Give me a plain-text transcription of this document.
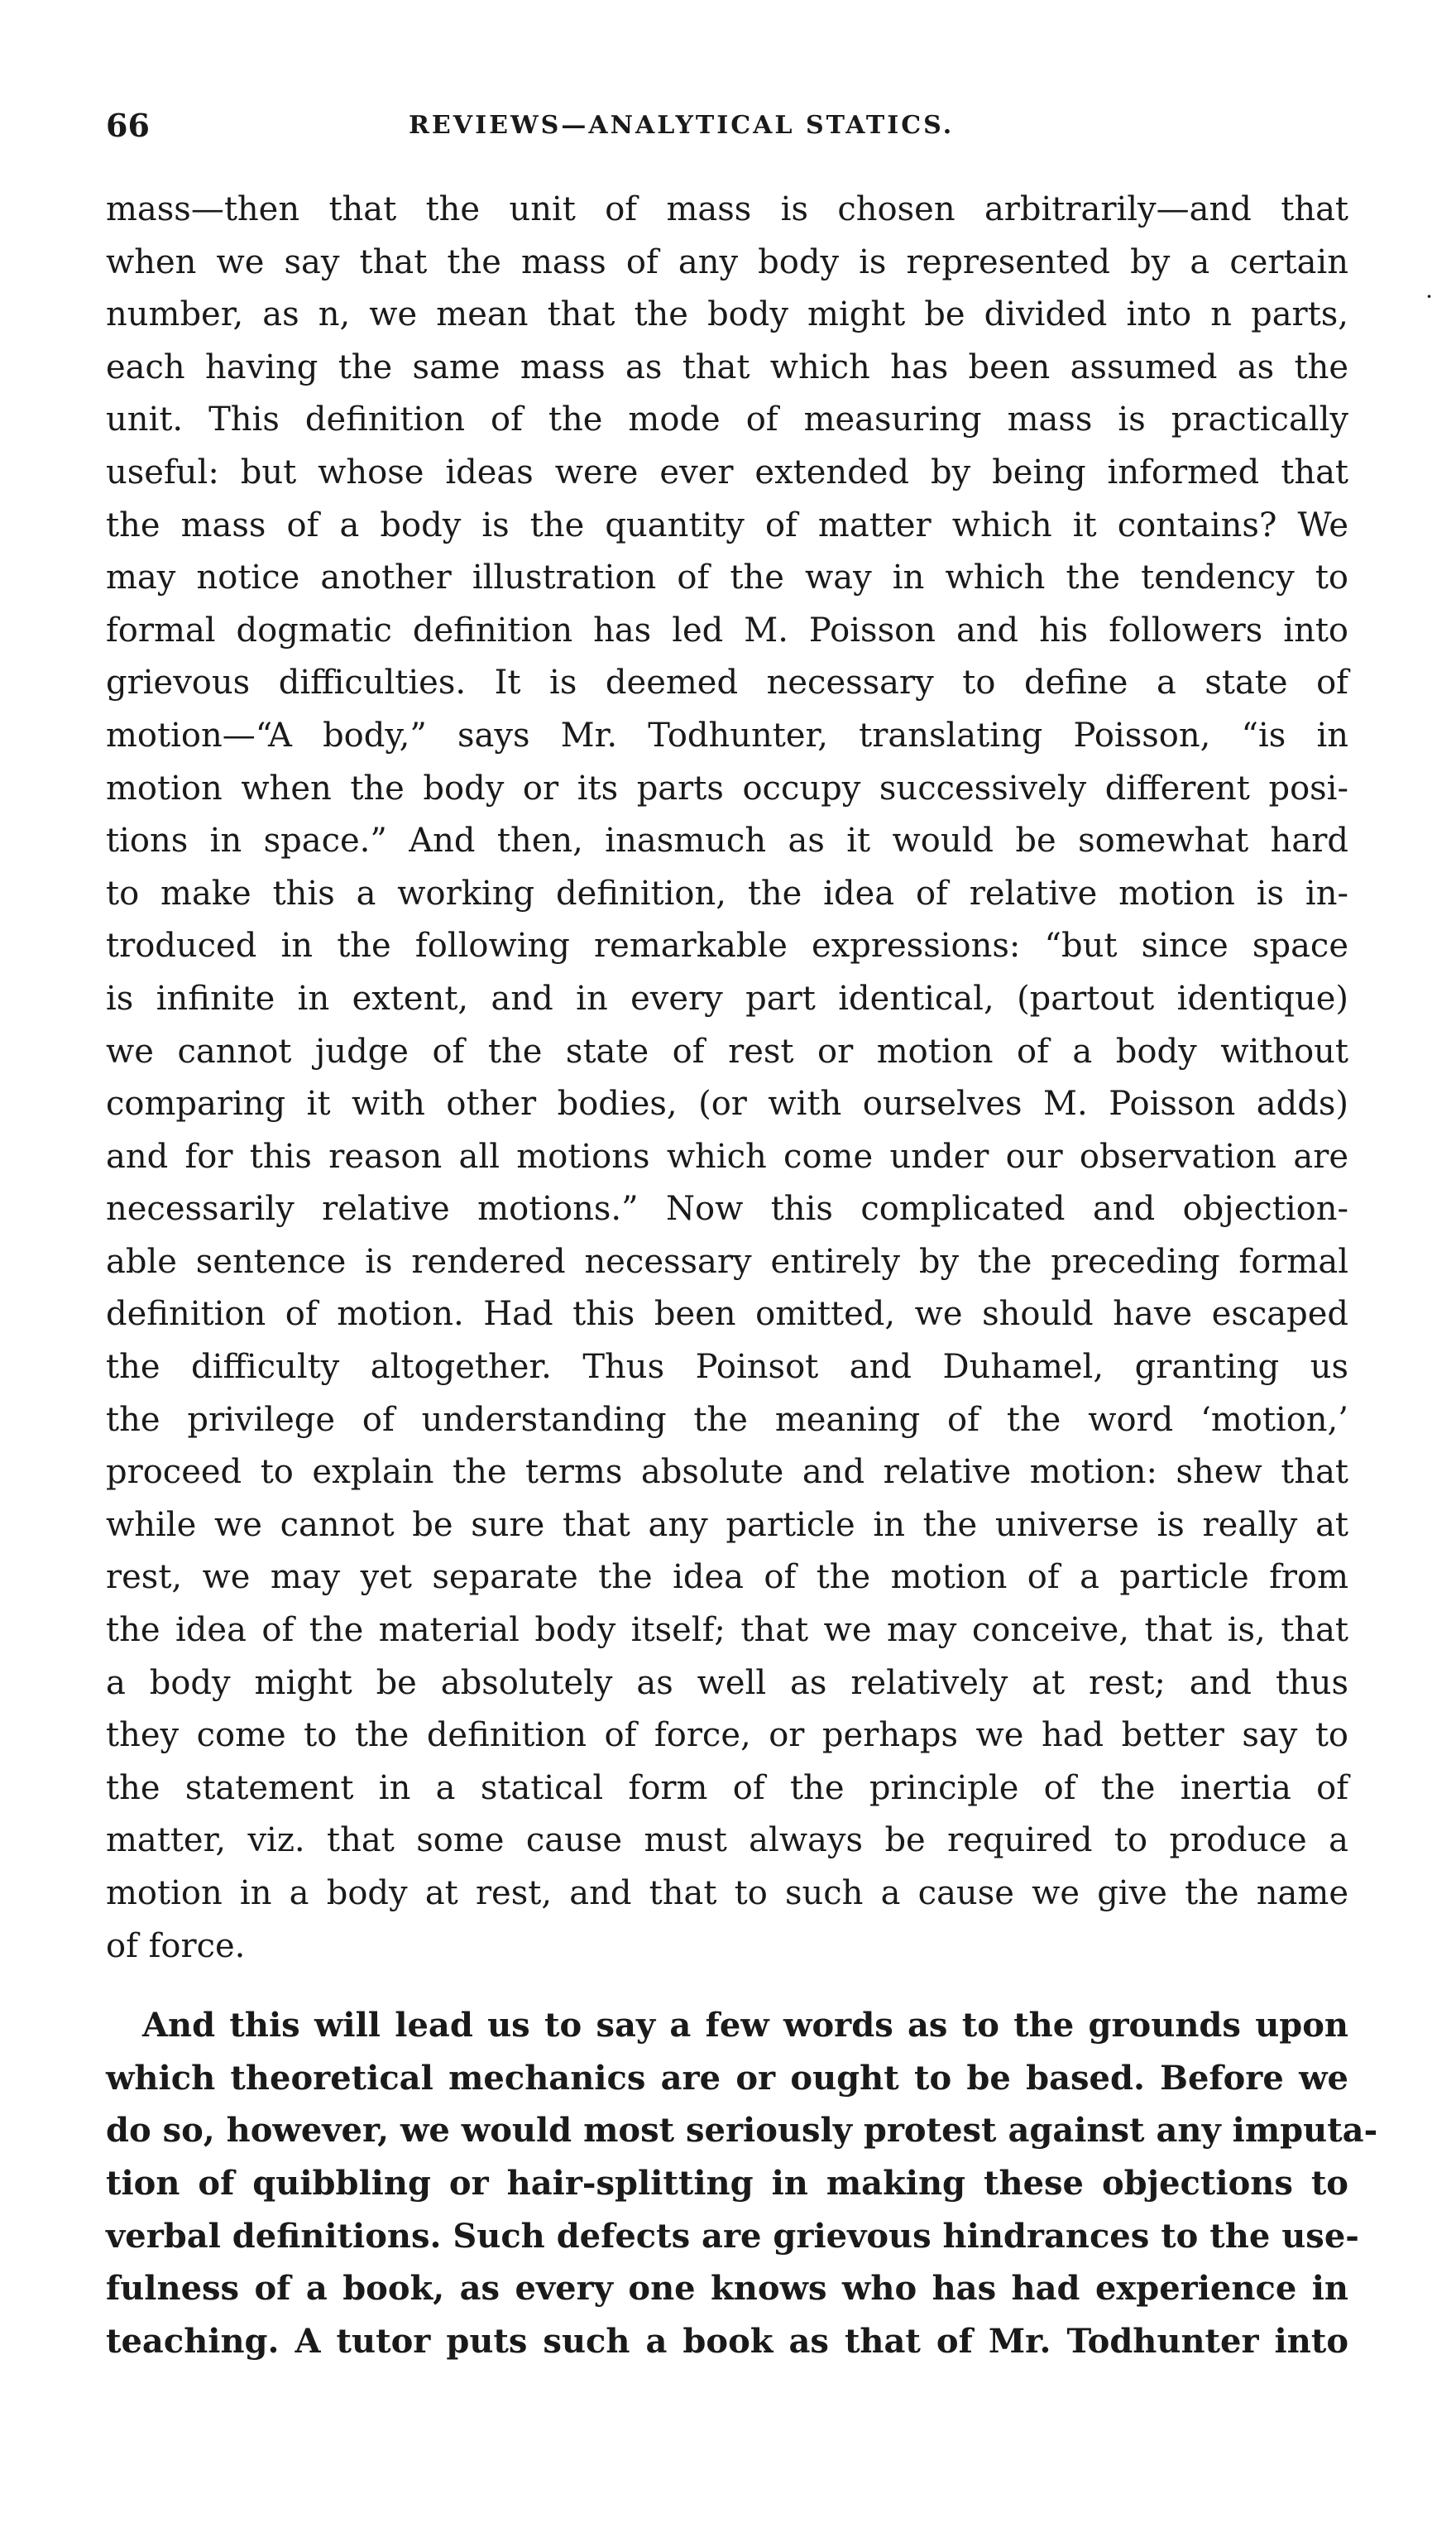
66	REVIEWS—ANALYTICAL STATICS.
·

mass—then that the unit of mass is chosen arbitrarily—and that

when we say that the mass of any body is represented by a certain

number, as n, we mean that the body might be divided into n parts,

each having the same mass as that which has been assumed as the

unit. This definition of the mode of measuring mass is practically

useful: but whose ideas were ever extended by being informed that

the mass of a body is the quantity of matter which it contains? We

may notice another illustration of the way in which the tendency to

formal dogmatic definition has led M. Poisson and his followers into

grievous difficulties. It is deemed necessary to define a state of

motion—“A body,” says Mr. Todhunter, translating Poisson, “is in

motion when the body or its parts occupy successively different posi-

tions in space.” And then, inasmuch as it would be somewhat hard

to make this a working definition, the idea of relative motion is in-

troduced in the following remarkable expressions: “but since space

is infinite in extent, and in every part identical, (partout identique)

we cannot judge of the state of rest or motion of a body without

comparing it with other bodies, (or with ourselves M. Poisson adds)

and for this reason all motions which come under our observation are

necessarily relative motions.” Now this complicated and objection-

able sentence is rendered necessary entirely by the preceding formal

definition of motion. Had this been omitted, we should have escaped

the difficulty altogether. Thus Poinsot and Duhamel, granting us

the privilege of understanding the meaning of the word ‘motion,’

proceed to explain the terms absolute and relative motion: shew that

while we cannot be sure that any particle in the universe is really at

rest, we may yet separate the idea of the motion of a particle from

the idea of the material body itself; that we may conceive, that is, that

a body might be absolutely as well as relatively at rest; and thus

they come to the definition of force, or perhaps we had better say to

the statement in a statical form of the principle of the inertia of

matter, viz. that some cause must always be required to produce a

motion in a body at rest, and that to such a cause we give the name

of force.

And this will lead us to say a few words as to the grounds upon

which theoretical mechanics are or ought to be based. Before we

do so, however, we would most seriously protest against any imputa-

tion of quibbling or hair-splitting in making these objections to

verbal definitions. Such defects are grievous hindrances to the use-

fulness of a book, as every one knows who has had experience in

teaching. A tutor puts such a book as that of Mr. Todhunter into
